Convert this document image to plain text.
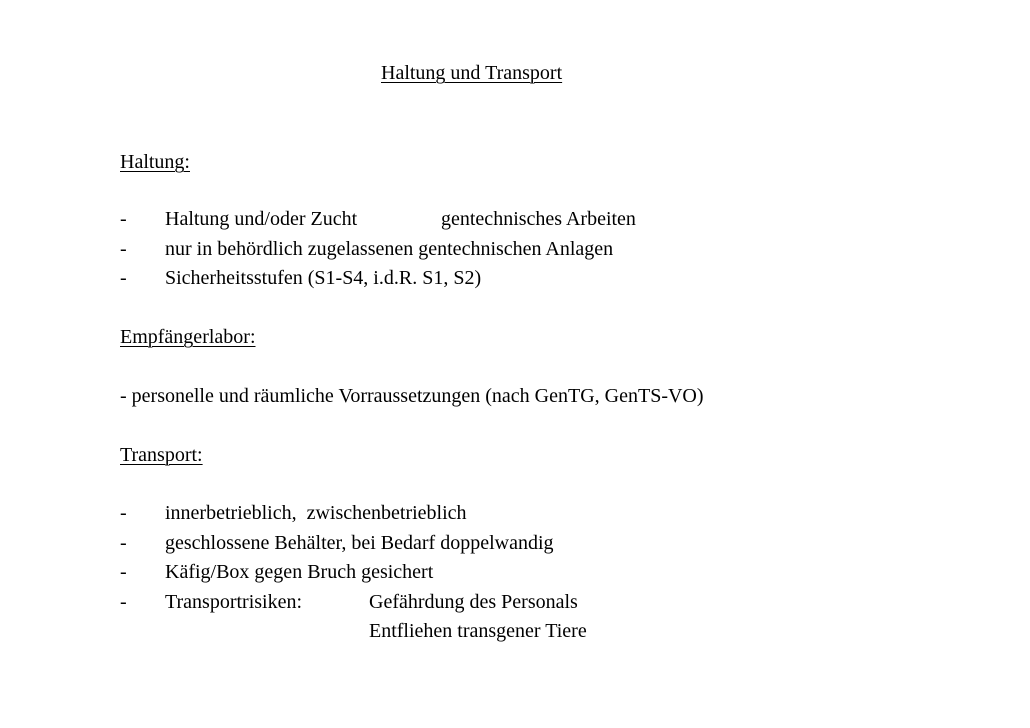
Haltung und Transport
Haltung:
- Haltung und/oder Zucht	gentechnisches Arbeiten
- nur in behördlich zugelassenen gentechnischen Anlagen
- Sicherheitsstufen (S1-S4, i.d.R. S1, S2)
Empfängerlabor:
- personelle und räumliche Vorraussetzungen (nach GenTG, GenTS-VO)
Transport:
- innerbetrieblich,  zwischenbetrieblich
- geschlossene Behälter, bei Bedarf doppelwandig
- Käfig/Box gegen Bruch gesichert
- Transportrisiken:	Gefährdung des Personals
Entfliehen transgener Tiere
